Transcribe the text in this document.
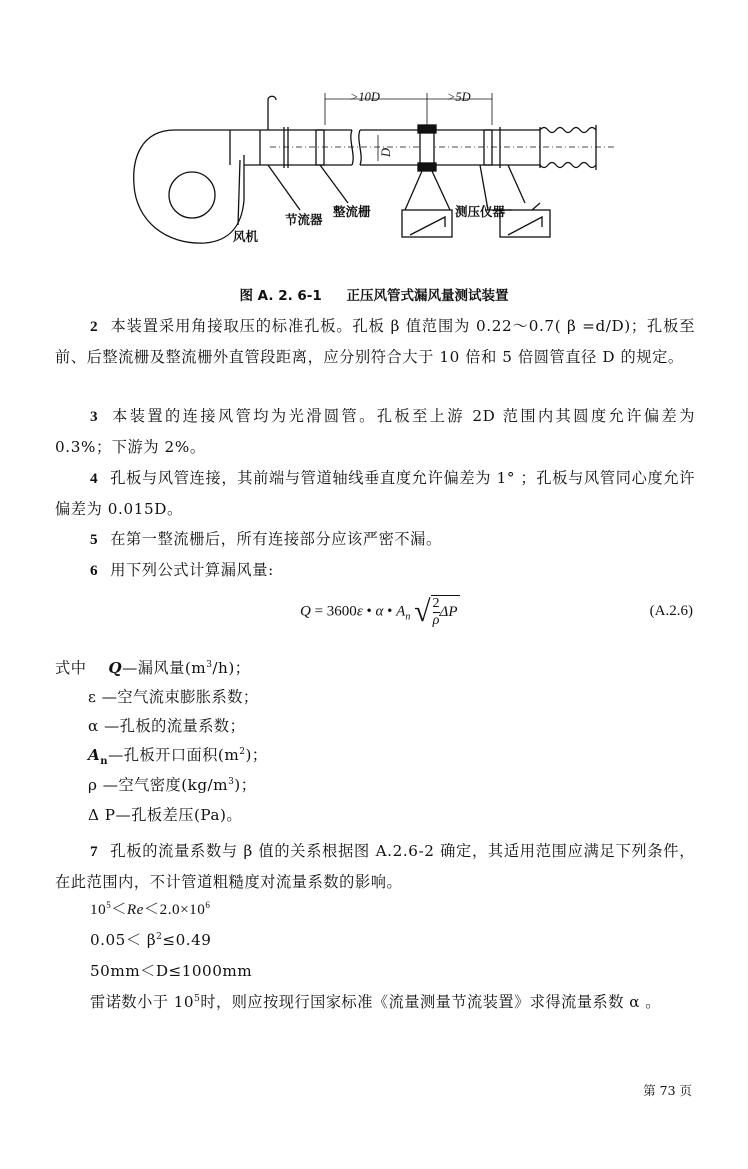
>10D	>5D
D
风机
节流器
整流栅	测压仪器
图 A. 2. 6-1 正压风管式漏风量测试装置
2 本装置采用角接取压的标准孔板。孔板 β 值范围为 0.22～0.7( β =d/D)；孔板至前、后整流栅及整流栅外直管段距离，应分别符合大于 10 倍和 5 倍圆管直径 D 的规定。
3 本装置的连接风管均为光滑圆管。孔板至上游 2D 范围内其圆度允许偏差为 0.3%；下游为 2%。
4 孔板与风管连接，其前端与管道轴线垂直度允许偏差为 1° ；孔板与风管同心度允许偏差为 0.015D。
5 在第一整流栅后，所有连接部分应该严密不漏。
6 用下列公式计算漏风量:
Q = 3600ε • α • $A_n$ √ $\frac{2}{\rho}$ ΔP	(A.2.6)
式中 Q—漏风量$(m^3/h)$；
ε —空气流束膨胀系数；
α —孔板的流量系数；
$A_n—$孔板开口面积$(m^2)$；
ρ —空气密度$(kg/m^3)$；
Δ P—孔板差压(Pa)。
7 孔板的流量系数与 β 值的关系根据图 A.2.6-2 确定，其适用范围应满足下列条件，在此范围内，不计管道粗糙度对流量系数的影响。
$10^5<Re<2.0\times 10^6$
$0.05< \beta^2\le 0.49$
50mm＜D≤1000mm
雷诺数小于 $10^5$时，则应按现行国家标准《流量测量节流装置》求得流量系数 α 。
第 73 页
